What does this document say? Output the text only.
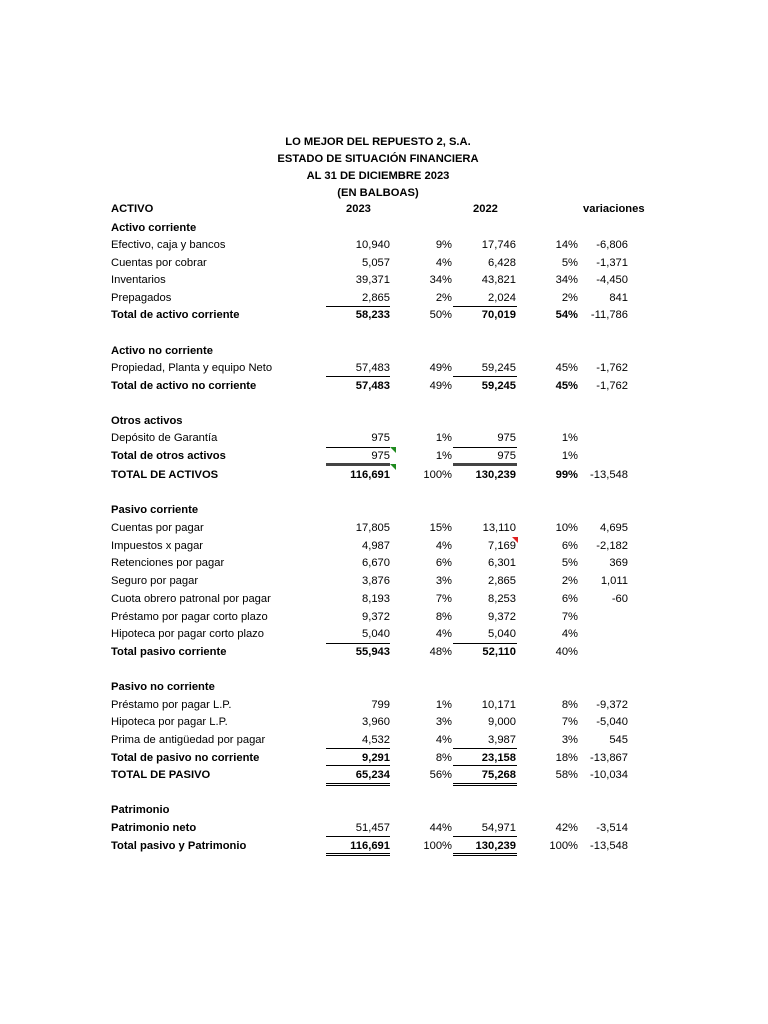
LO MEJOR DEL REPUESTO 2, S.A.
ESTADO DE SITUACIÓN FINANCIERA
AL 31 DE DICIEMBRE 2023
(EN BALBOAS)
ACTIVO	2023	2022	variaciones
Activo corriente
Efectivo, caja y bancos	10,940	9%	17,746	14% -6,806
Cuentas por cobrar	5,057	4%	6,428	5% -1,371
Inventarios	39,371	34%	43,821	34% -4,450
Prepagados	2,865	2%	2,024	2%	841
Total de activo corriente	58,233	50%	70,019	54% -11,786
Activo no corriente
Propiedad, Planta y equipo Neto	57,483	49%	59,245	45% -1,762
Total de activo no corriente	57,483	49%	59,245	45% -1,762
Otros activos
Depósito de Garantía	975	1%	975	1%
Total de otros activos	975	1%	975	1%
TOTAL DE ACTIVOS	116,691	100% 130,239	99% -13,548
Pasivo corriente
Cuentas por pagar	17,805	15%	13,110	10% 4,695
Impuestos x pagar	4,987	4%	7,169	6% -2,182
Retenciones por pagar	6,670	6%	6,301	5%	369
Seguro por pagar	3,876	3%	2,865	2% 1,011
Cuota obrero patronal por pagar	8,193	7%	8,253	6%	-60
Préstamo por pagar corto plazo	9,372	8%	9,372	7%
Hipoteca por pagar corto plazo	5,040	4%	5,040	4%
Total pasivo corriente	55,943	48%	52,110	40%
Pasivo no corriente
Préstamo por pagar L.P.	799	1%	10,171	8% -9,372
Hipoteca por pagar L.P.	3,960	3%	9,000	7% -5,040
Prima de antigüedad por pagar	4,532	4%	3,987	3%	545
Total de pasivo no corriente	9,291	8%	23,158	18% -13,867
TOTAL DE PASIVO	65,234	56%	75,268	58% -10,034
Patrimonio
Patrimonio neto	51,457	44%	54,971	42% -3,514
Total pasivo y Patrimonio	116,691	100% 130,239	100% -13,548
